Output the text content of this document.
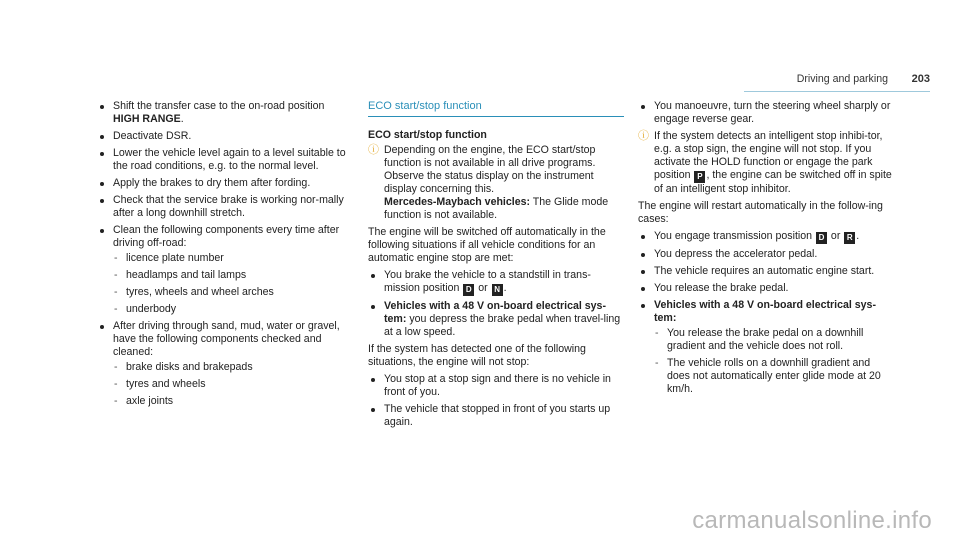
Driving and parking 203
Shift the transfer case to the on-road position HIGH RANGE.
Deactivate DSR.
Lower the vehicle level again to a level suitable to the road conditions, e.g. to the normal level.
Apply the brakes to dry them after fording.
Check that the service brake is working nor-mally after a long downhill stretch.
Clean the following components every time after driving off-road:
- licence plate number
- headlamps and tail lamps
- tyres, wheels and wheel arches
- underbody
After driving through sand, mud, water or gravel, have the following components checked and cleaned:
- brake disks and brakepads
- tyres and wheels
- axle joints
ECO start/stop function
ECO start/stop function
ⓘ Depending on the engine, the ECO start/stop function is not available in all drive programs. Observe the status display on the instrument display concerning this.
Mercedes-Maybach vehicles: The Glide mode function is not available.
The engine will be switched off automatically in the following situations if all vehicle conditions for an automatic engine stop are met:
You brake the vehicle to a standstill in trans-mission position D or N .
Vehicles with a 48 V on-board electrical sys-tem: you depress the brake pedal when travel-ling at a low speed.
If the system has detected one of the following situations, the engine will not stop:
You stop at a stop sign and there is no vehicle in front of you.
The vehicle that stopped in front of you starts up again.
You manoeuvre, turn the steering wheel sharply or engage reverse gear.
ⓘ If the system detects an intelligent stop inhibi-tor, e.g. a stop sign, the engine will not stop. If you activate the HOLD function or engage the park position P , the engine can be switched off in spite of an intelligent stop inhibitor.
The engine will restart automatically in the follow-ing cases:
You engage transmission position D or R .
You depress the accelerator pedal.
The vehicle requires an automatic engine start.
You release the brake pedal.
Vehicles with a 48 V on-board electrical sys-tem:
- You release the brake pedal on a downhill gradient and the vehicle does not roll.
- The vehicle rolls on a downhill gradient and does not automatically enter glide mode at 20 km/h.
carmanualsonline.info
